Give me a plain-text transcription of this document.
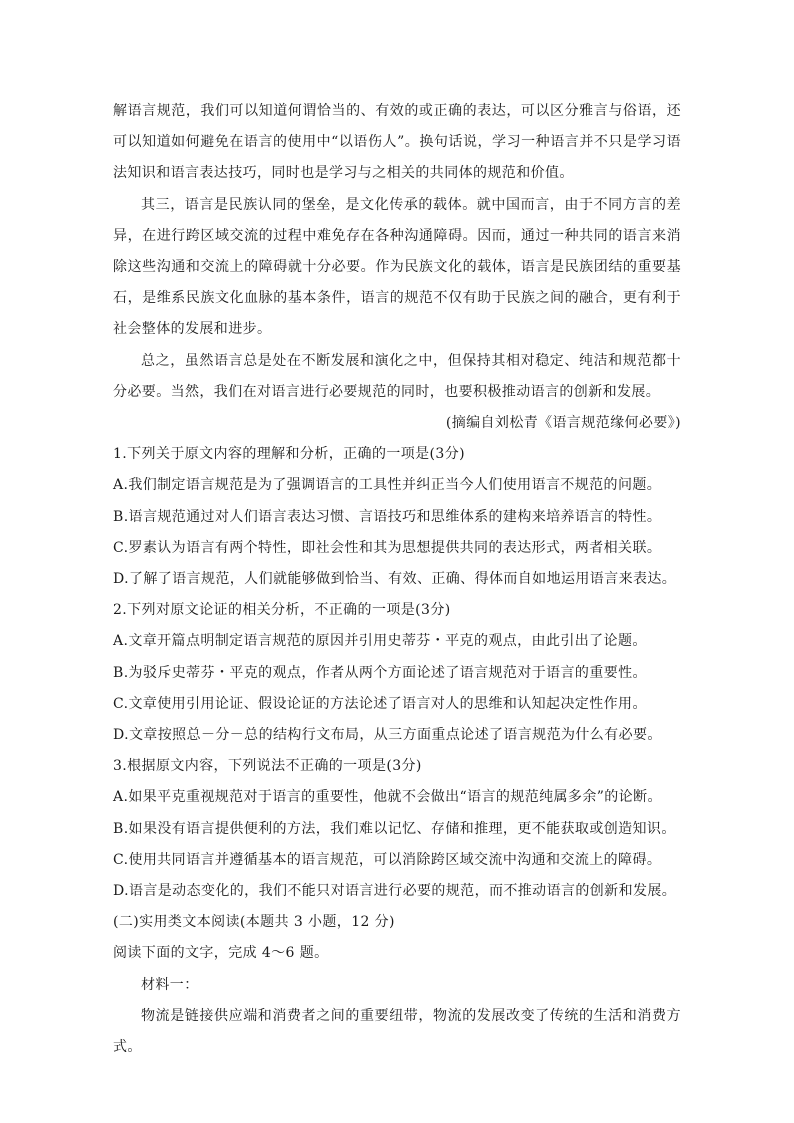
解语言规范，我们可以知道何谓恰当的、有效的或正确的表达，可以区分雅言与俗语，还可以知道如何避免在语言的使用中“以语伤人”。换句话说，学习一种语言并不只是学习语法知识和语言表达技巧，同时也是学习与之相关的共同体的规范和价值。

其三，语言是民族认同的堡垒，是文化传承的载体。就中国而言，由于不同方言的差异，在进行跨区域交流的过程中难免存在各种沟通障碍。因而，通过一种共同的语言来消除这些沟通和交流上的障碍就十分必要。作为民族文化的载体，语言是民族团结的重要基石，是维系民族文化血脉的基本条件，语言的规范不仅有助于民族之间的融合，更有利于社会整体的发展和进步。

总之，虽然语言总是处在不断发展和演化之中，但保持其相对稳定、纯洁和规范都十分必要。当然，我们在对语言进行必要规范的同时，也要积极推动语言的创新和发展。

(摘编自刘松青《语言规范缘何必要》)

1.下列关于原文内容的理解和分析，正确的一项是(3分)

A.我们制定语言规范是为了强调语言的工具性并纠正当今人们使用语言不规范的问题。

B.语言规范通过对人们语言表达习惯、言语技巧和思维体系的建构来培养语言的特性。

C.罗素认为语言有两个特性，即社会性和其为思想提供共同的表达形式，两者相关联。

D.了解了语言规范，人们就能够做到恰当、有效、正确、得体而自如地运用语言来表达。

2.下列对原文论证的相关分析，不正确的一项是(3分)

A.文章开篇点明制定语言规范的原因并引用史蒂芬・平克的观点，由此引出了论题。

B.为驳斥史蒂芬・平克的观点，作者从两个方面论述了语言规范对于语言的重要性。

C.文章使用引用论证、假设论证的方法论述了语言对人的思维和认知起决定性作用。

D.文章按照总－分－总的结构行文布局，从三方面重点论述了语言规范为什么有必要。

3.根据原文内容，下列说法不正确的一项是(3分)

A.如果平克重视规范对于语言的重要性，他就不会做出“语言的规范纯属多余”的论断。

B.如果没有语言提供便利的方法，我们难以记忆、存储和推理，更不能获取或创造知识。

C.使用共同语言并遵循基本的语言规范，可以消除跨区域交流中沟通和交流上的障碍。

D.语言是动态变化的，我们不能只对语言进行必要的规范，而不推动语言的创新和发展。

(二)实用类文本阅读(本题共 3 小题，12 分)

阅读下面的文字，完成 4～6 题。

材料一：

物流是链接供应端和消费者之间的重要纽带，物流的发展改变了传统的生活和消费方式。
